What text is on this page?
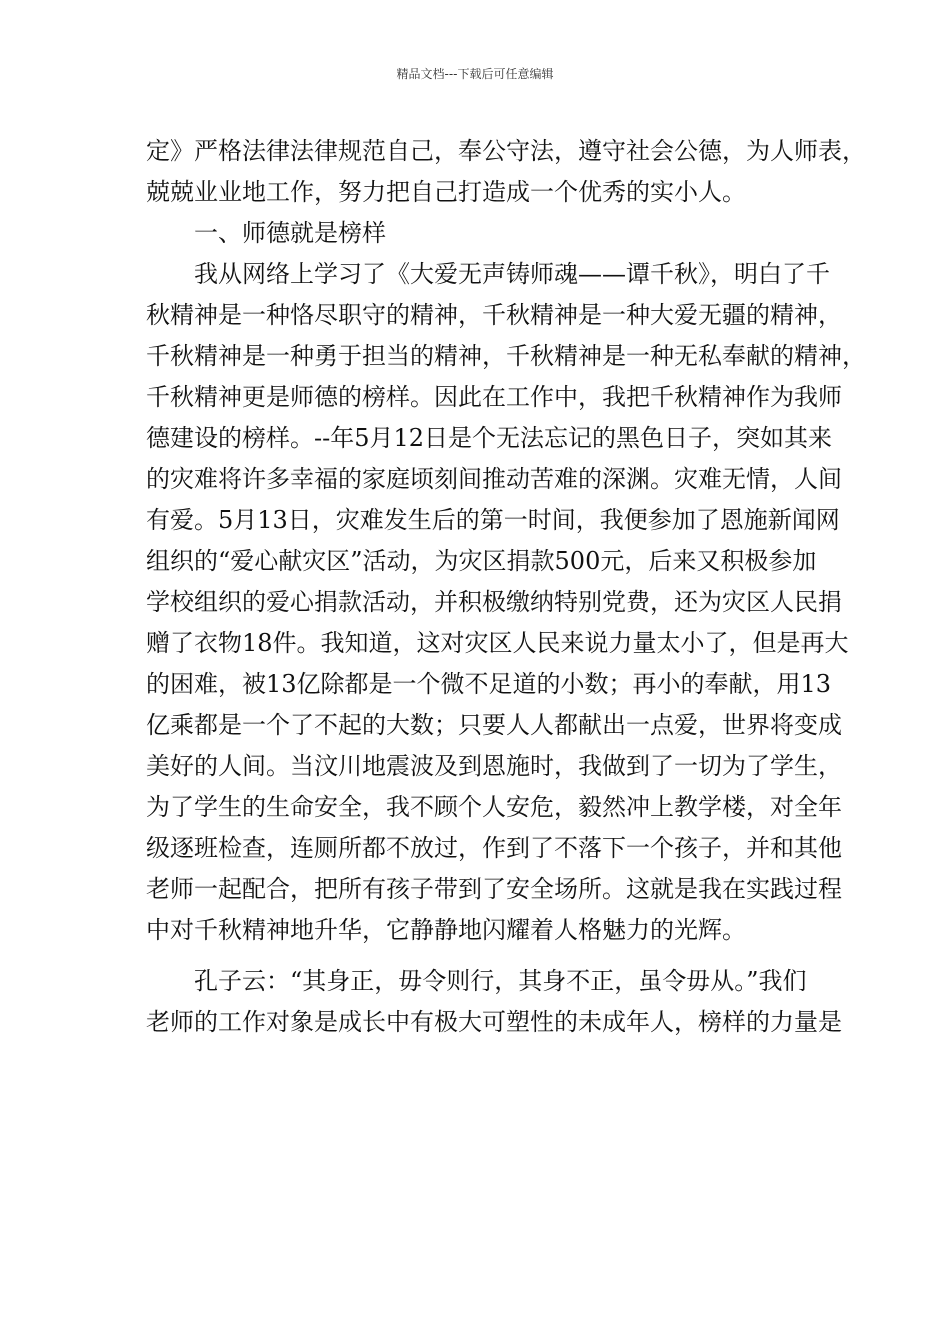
精品文档---下载后可任意编辑
定》严格法律法律规范自己，奉公守法，遵守社会公德，为人师表，
兢兢业业地工作，努力把自己打造成一个优秀的实小人。
一、师德就是榜样
我从网络上学习了《大爱无声铸师魂——谭千秋》，明白了千
秋精神是一种恪尽职守的精神，千秋精神是一种大爱无疆的精神，
千秋精神是一种勇于担当的精神，千秋精神是一种无私奉献的精神，
千秋精神更是师德的榜样。因此在工作中，我把千秋精神作为我师
德建设的榜样。--年5月12日是个无法忘记的黑色日子，突如其来
的灾难将许多幸福的家庭顷刻间推动苦难的深渊。灾难无情，人间
有爱。5月13日，灾难发生后的第一时间，我便参加了恩施新闻网
组织的“爱心献灾区”活动，为灾区捐款500元，后来又积极参加
学校组织的爱心捐款活动，并积极缴纳特别党费，还为灾区人民捐
赠了衣物18件。我知道，这对灾区人民来说力量太小了，但是再大
的困难，被13亿除都是一个微不足道的小数；再小的奉献，用13
亿乘都是一个了不起的大数；只要人人都献出一点爱，世界将变成
美好的人间。当汶川地震波及到恩施时，我做到了一切为了学生，
为了学生的生命安全，我不顾个人安危，毅然冲上教学楼，对全年
级逐班检查，连厕所都不放过，作到了不落下一个孩子，并和其他
老师一起配合，把所有孩子带到了安全场所。这就是我在实践过程
中对千秋精神地升华，它静静地闪耀着人格魅力的光辉。
孔子云：“其身正，毋令则行，其身不正，虽令毋从。”我们
老师的工作对象是成长中有极大可塑性的未成年人，榜样的力量是
